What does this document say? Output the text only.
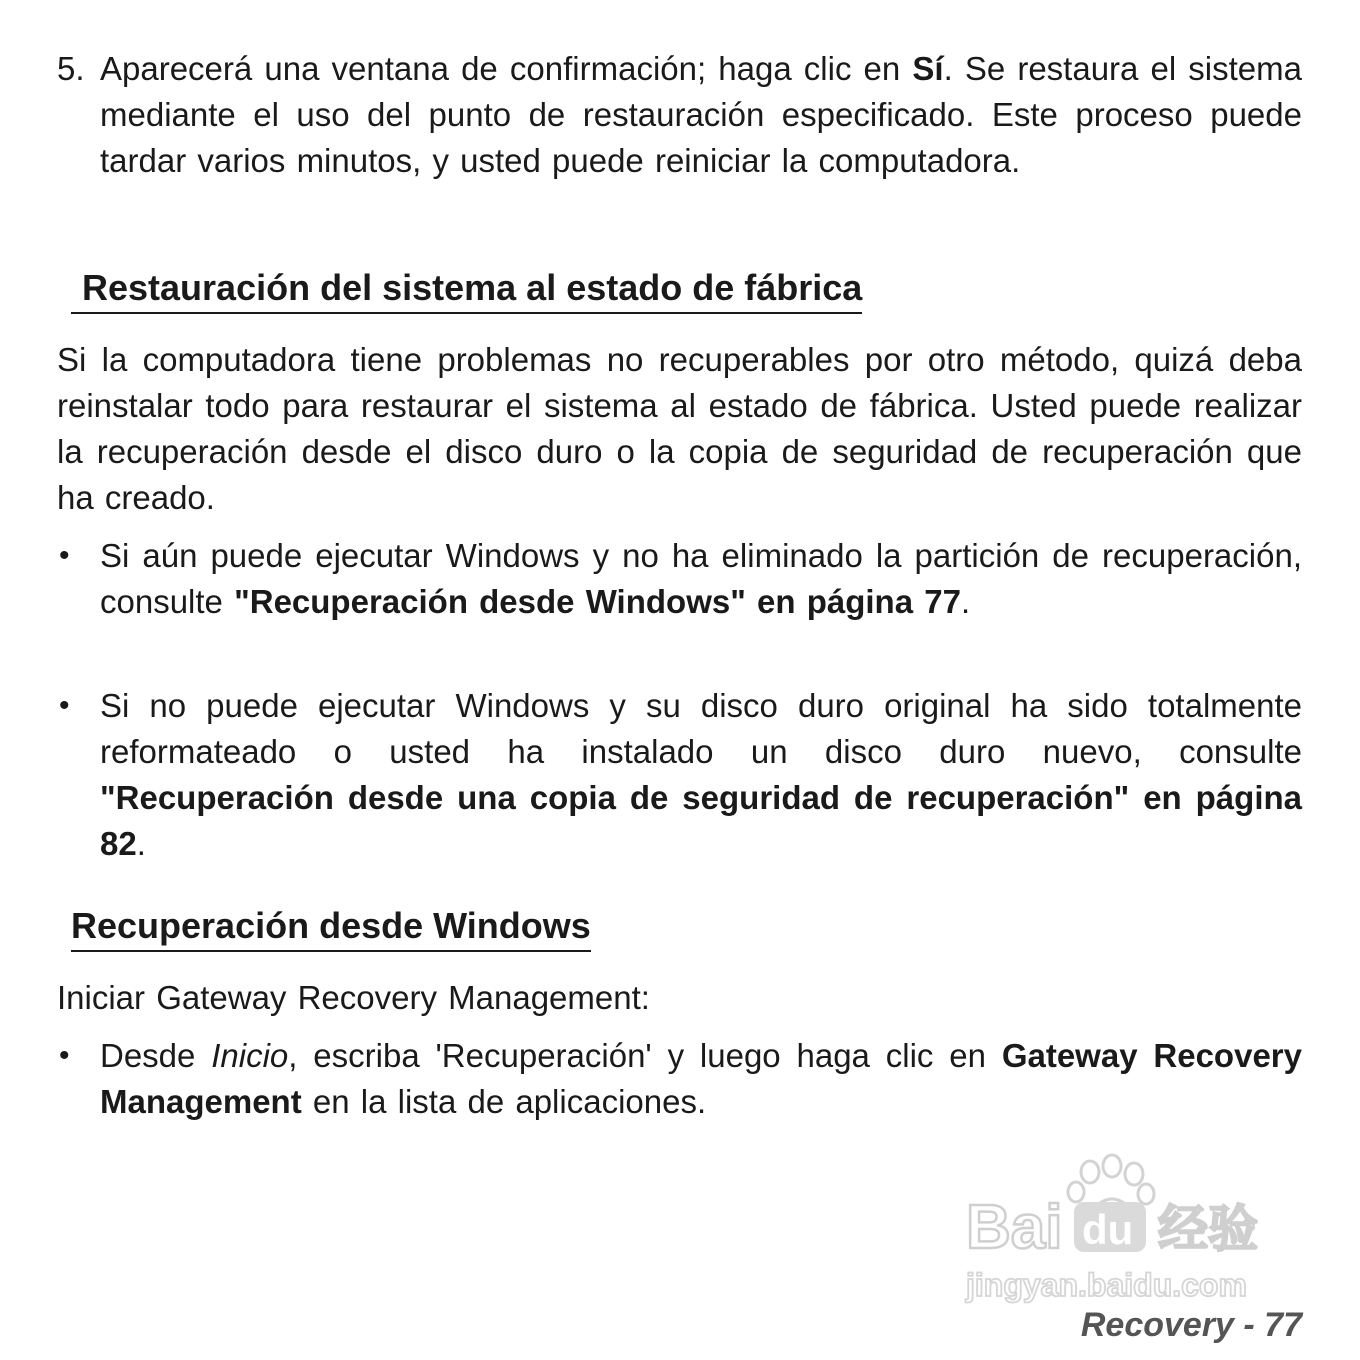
5. Aparecerá una ventana de confirmación; haga clic en Sí. Se restaura el sistema mediante el uso del punto de restauración especificado. Este proceso puede tardar varios minutos, y usted puede reiniciar la computadora.
Restauración del sistema al estado de fábrica
Si la computadora tiene problemas no recuperables por otro método, quizá deba reinstalar todo para restaurar el sistema al estado de fábrica. Usted puede realizar la recuperación desde el disco duro o la copia de seguridad de recuperación que ha creado.
• Si aún puede ejecutar Windows y no ha eliminado la partición de recuperación, consulte "Recuperación desde Windows" en página 77.
• Si no puede ejecutar Windows y su disco duro original ha sido totalmente reformateado o usted ha instalado un disco duro nuevo, consulte "Recuperación desde una copia de seguridad de recuperación" en página 82.
Recuperación desde Windows
Iniciar Gateway Recovery Management:
• Desde Inicio, escriba 'Recuperación' y luego haga clic en Gateway Recovery Management en la lista de aplicaciones.
Bai du 经验
jingyan.baidu.com
Recovery - 77
